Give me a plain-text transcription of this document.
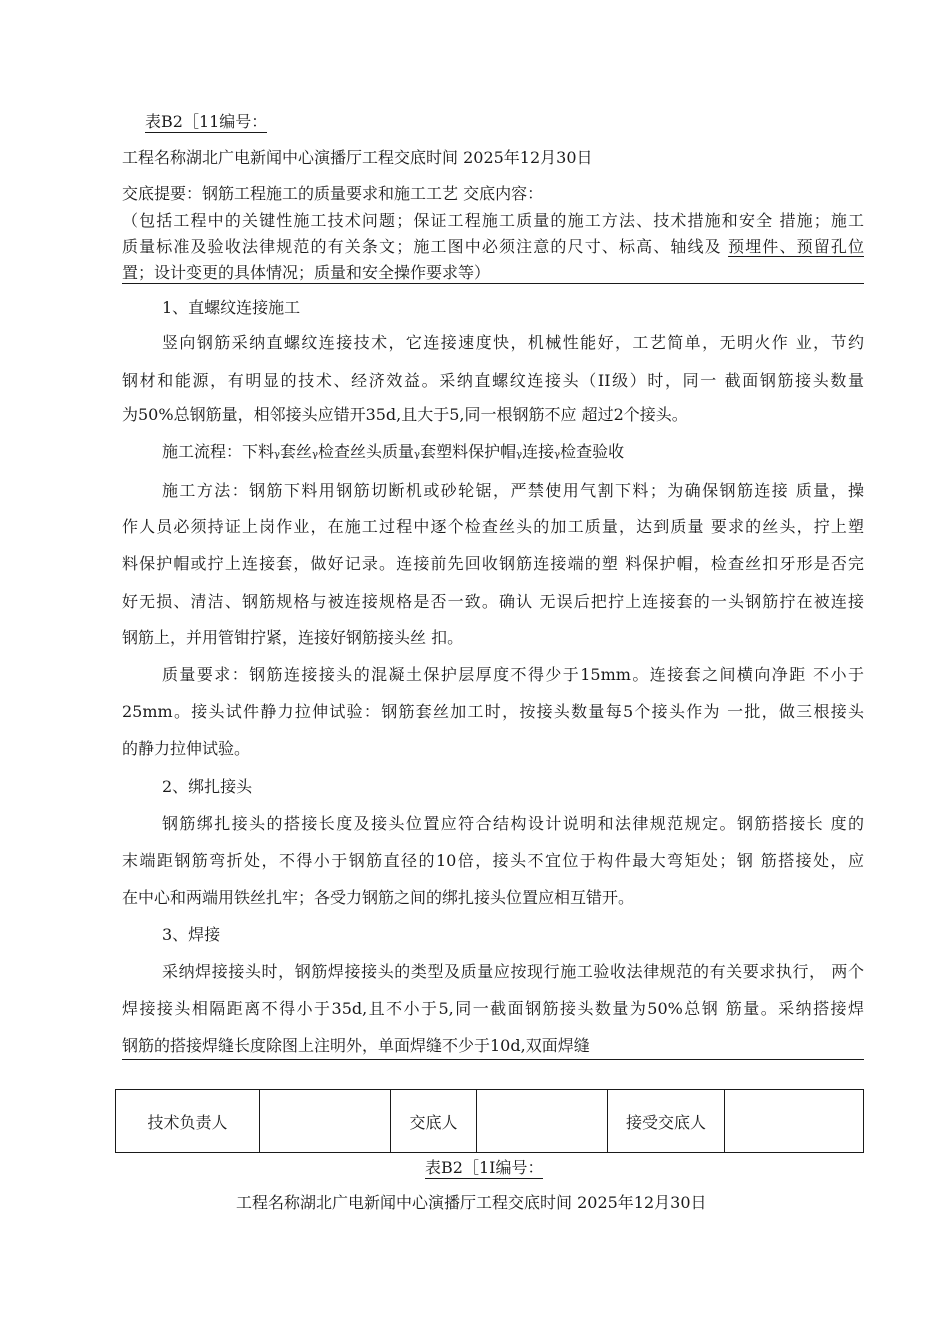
表B2［11编号：
工程名称湖北广电新闻中心演播厅工程交底时间 2025年12月30日
交底提要：钢筋工程施工的质量要求和施工工艺 交底内容：
（包括工程中的关键性施工技术问题；保证工程施工质量的施工方法、技术措施和安全 措施；施工
质量标准及验收法律规范的有关条文；施工图中必须注意的尺寸、标高、轴线及 预埋件、预留孔位
置；设计变更的具体情况；质量和安全操作要求等）
1、直螺纹连接施工
竖向钢筋采纳直螺纹连接技术，它连接速度快，机械性能好，工艺简单，无明火作 业，节约
钢材和能源，有明显的技术、经济效益。采纳直螺纹连接头（II级）时，同一 截面钢筋接头数量
为50%总钢筋量，相邻接头应错开35d,且大于5,同一根钢筋不应 超过2个接头。
施工流程：下料ᵧ套丝ᵧ检查丝头质量ᵧ套塑料保护帽ᵧ连接ᵧ检查验收
施工方法：钢筋下料用钢筋切断机或砂轮锯，严禁使用气割下料；为确保钢筋连接 质量，操
作人员必须持证上岗作业，在施工过程中逐个检查丝头的加工质量，达到质量 要求的丝头，拧上塑
料保护帽或拧上连接套，做好记录。连接前先回收钢筋连接端的塑 料保护帽，检查丝扣牙形是否完
好无损、清洁、钢筋规格与被连接规格是否一致。确认 无误后把拧上连接套的一头钢筋拧在被连接
钢筋上，并用管钳拧紧，连接好钢筋接头丝 扣。
质量要求：钢筋连接接头的混凝土保护层厚度不得少于15mm。连接套之间横向净距 不小于
25mm。接头试件静力拉伸试验：钢筋套丝加工时，按接头数量每5个接头作为 一批，做三根接头
的静力拉伸试验。
2、绑扎接头
钢筋绑扎接头的搭接长度及接头位置应符合结构设计说明和法律规范规定。钢筋搭接长 度的
末端距钢筋弯折处，不得小于钢筋直径的10倍，接头不宜位于构件最大弯矩处；钢 筋搭接处，应
在中心和两端用铁丝扎牢；各受力钢筋之间的绑扎接头位置应相互错开。
3、焊接
采纳焊接接头时，钢筋焊接接头的类型及质量应按现行施工验收法律规范的有关要求执行， 两个
焊接接头相隔距离不得小于35d,且不小于5,同一截面钢筋接头数量为50%总钢 筋量。采纳搭接焊
钢筋的搭接焊缝长度除图上注明外，单面焊缝不少于10d,双面焊缝
技术负责人		交底人		接受交底人	
表B2［1I编号：
工程名称湖北广电新闻中心演播厅工程交底时间 2025年12月30日
